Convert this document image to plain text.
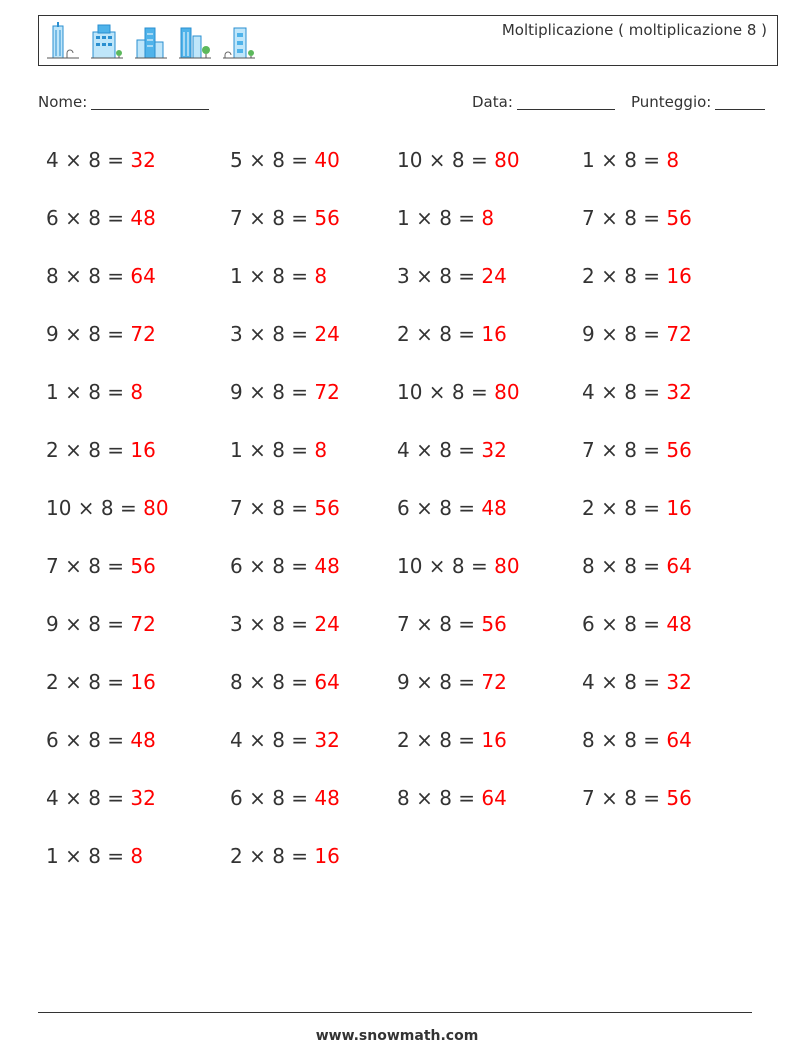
Moltiplicazione ( moltiplicazione 8 )
Nome:	Data:	Punteggio:
4 × 8 = 32	5 × 8 = 40	10 × 8 = 80	1 × 8 = 8
6 × 8 = 48	7 × 8 = 56	1 × 8 = 8	7 × 8 = 56
8 × 8 = 64	1 × 8 = 8	3 × 8 = 24	2 × 8 = 16
9 × 8 = 72	3 × 8 = 24	2 × 8 = 16	9 × 8 = 72
1 × 8 = 8	9 × 8 = 72	10 × 8 = 80	4 × 8 = 32
2 × 8 = 16	1 × 8 = 8	4 × 8 = 32	7 × 8 = 56
10 × 8 = 80	7 × 8 = 56	6 × 8 = 48	2 × 8 = 16
7 × 8 = 56	6 × 8 = 48	10 × 8 = 80	8 × 8 = 64
9 × 8 = 72	3 × 8 = 24	7 × 8 = 56	6 × 8 = 48
2 × 8 = 16	8 × 8 = 64	9 × 8 = 72	4 × 8 = 32
6 × 8 = 48	4 × 8 = 32	2 × 8 = 16	8 × 8 = 64
4 × 8 = 32	6 × 8 = 48	8 × 8 = 64	7 × 8 = 56
1 × 8 = 8	2 × 8 = 16
www.snowmath.com
